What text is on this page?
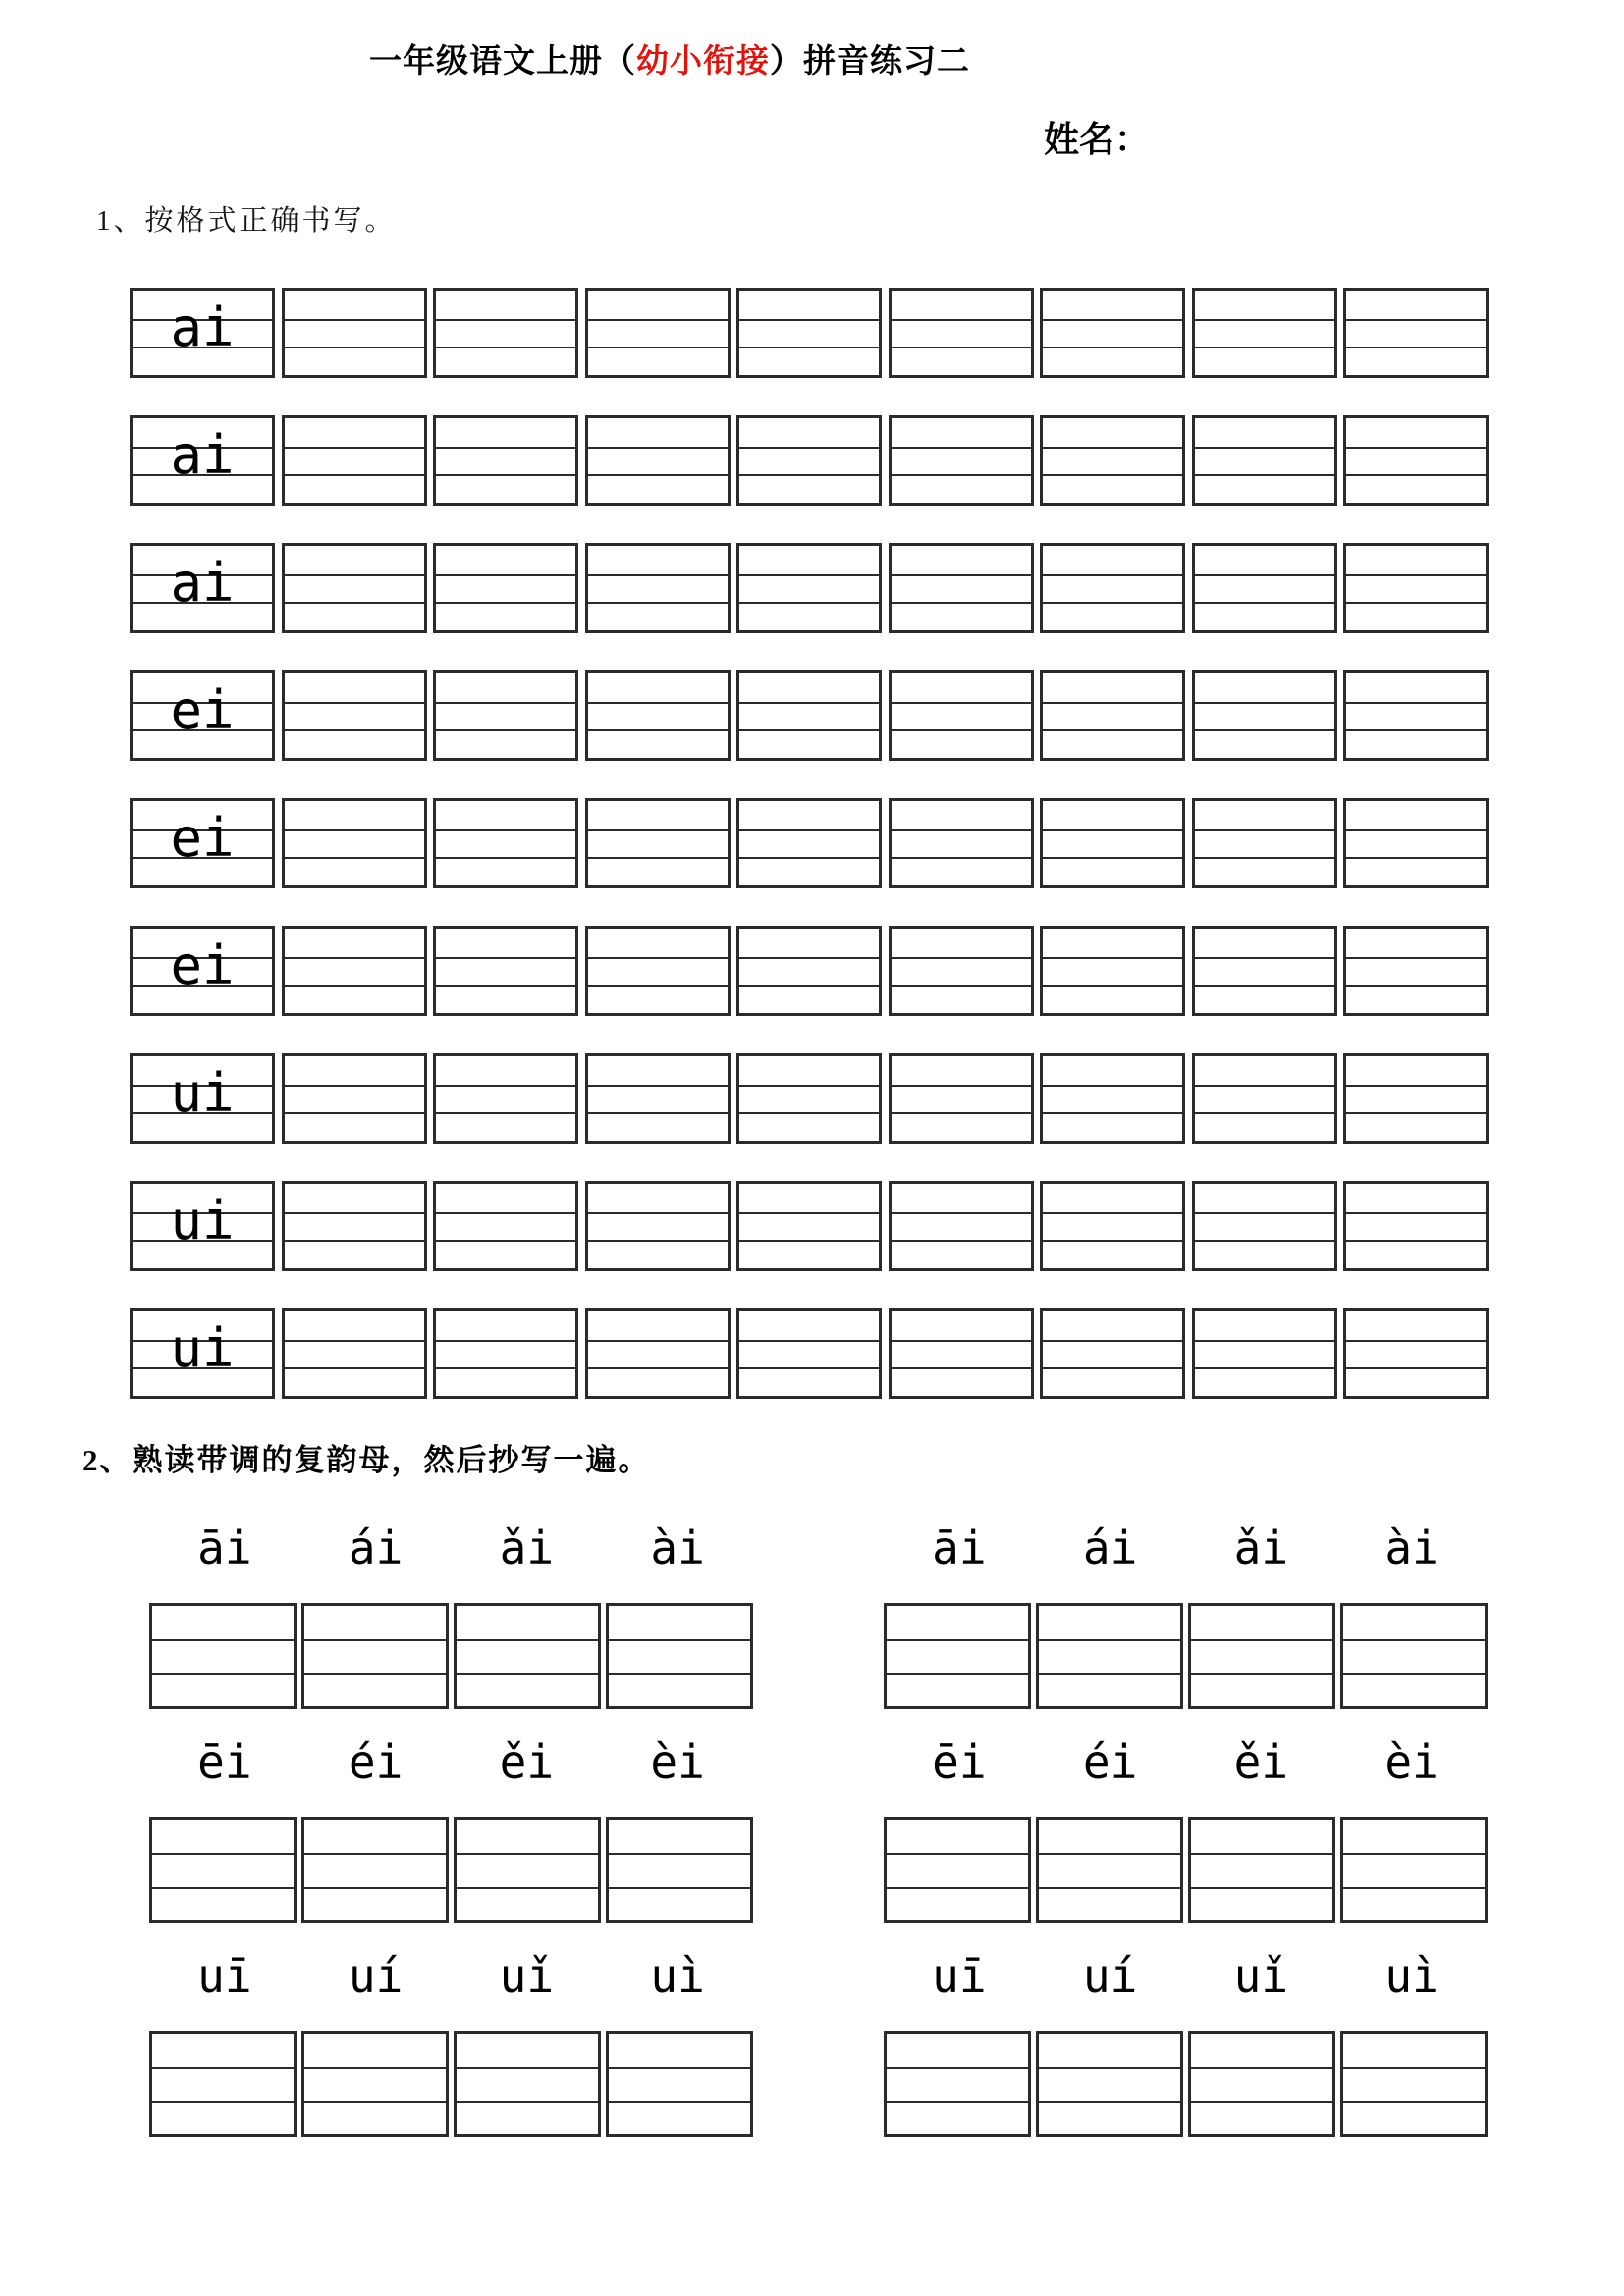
一年级语文上册（幼小衔接）拼音练习二
姓名：
1、按格式正确书写。
ai
ai
ai
ei
ei
ei
ui
ui
ui
2、熟读带调的复韵母，然后抄写一遍。
āi	ái	ǎi	ài	āi	ái	ǎi	ài
ēi	éi	ěi	èi	ēi	éi	ěi	èi
uī	uí	uǐ	uì	uī	uí	uǐ	uì
